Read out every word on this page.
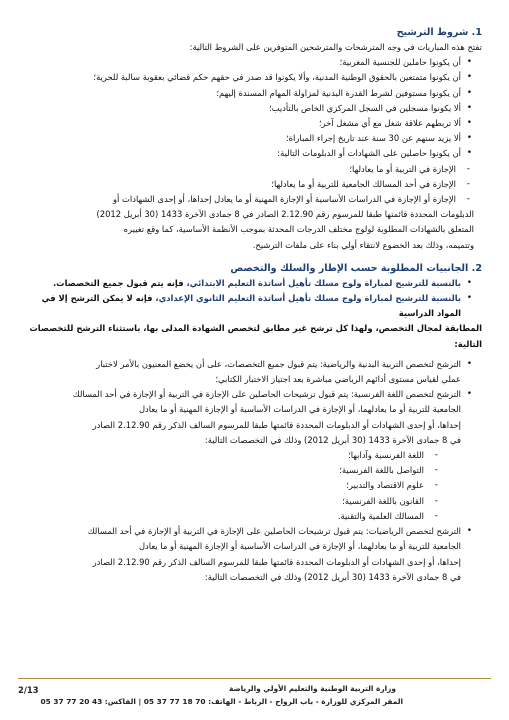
1. شروط الترشيح

تفتح هذه المباريات في وجه المترشحات والمترشحين المتوفرين على الشروط التالية:

•
أن يكونوا حاملين للجنسية المغربية؛
•
أن يكونوا متمتعين بالحقوق الوطنية المدنية، وألا يكونوا قد صدر في حقهم حكم قضائي بعقوبة سالبة للحرية؛
•
أن يكونوا مستوفين لشرط القدرة البدنية لمزاولة المهام المسندة إليهم؛
•
ألا يكونوا مسجلين في السجل المركزي الخاص بالتأديب؛
•
ألا تربطهم علاقة شغل مع أي مشغل آخر؛
•
ألا يزيد سنهم عن 30 سنة عند تاريخ إجراء المباراة؛
•
أن يكونوا حاصلين على الشهادات أو الدبلومات التالية:
-
الإجازة في التربية أو ما يعادلها؛
-
الإجازة في أحد المسالك الجامعية للتربية أو ما يعادلها؛
-
الإجازة أو الإجازة في الدراسات الأساسية أو الإجازة المهنية أو ما يعادل إحداها، أو إحدى الشهادات أو

الدبلومات المحددة قائمتها طبقا للمرسوم رقم 2.12.90 الصادر في 8 جمادى الآخرة 1433 (30 أبريل 2012)
المتعلق بالشهادات المطلوبة لولوج مختلف الدرجات المحدثة بموجب الأنظمة الأساسية، كما وقع تغييره
وتتميمه، وذلك بعد الخضوع لانتقاء أولي بناء على ملفات الترشيح.

2. الجانبيات المطلوبة حسب الإطار والسلك والتخصص

•
بالنسبة للترشيح لمباراة ولوج مسلك تأهيل أساتذة التعليم الابتدائي، فإنه يتم قبول جميع التخصصات.
•
بالنسبة للترشيح لمباراة ولوج مسلك تأهيل أساتذة التعليم الثانوي الإعدادي، فإنه لا يمكن الترشح إلا في المواد الدراسية

المطابقة لمجال التخصص، ولهذا كل ترشح غير مطابق لتخصص الشهادة المدلى بها، باستثناء الترشح للتخصصات
التالية:

•
الترشح لتخصص التربية البدنية والرياضية: يتم قبول جميع التخصصات، على أن يخضع المعنيون بالأمر لاختبار
عملي لقياس مستوى أدائهم الرياضي مباشرة بعد اجتياز الاختبار الكتابي؛
•
الترشح لتخصص اللغة الفرنسية: يتم قبول ترشيحات الحاصلين على الإجازة في التربية أو الإجازة في أحد المسالك
الجامعية للتربية أو ما يعادلهما، أو الإجازة في الدراسات الأساسية أو الإجازة المهنية أو ما يعادل
إحداها، أو إحدى الشهادات أو الدبلومات المحددة قائمتها طبقا للمرسوم السالف الذكر رقم 2.12.90 الصادر
في 8 جمادى الآخرة 1433 (30 أبريل 2012) وذلك في التخصصات التالية:
-
اللغة الفرنسية وآدابها؛
-
التواصل باللغة الفرنسية؛
-
علوم الاقتصاد والتدبير؛
-
القانون باللغة الفرنسية؛
-
المسالك العلمية والتقنية.
•
الترشح لتخصص الرياضيات: يتم قبول ترشيحات الحاصلين على الإجازة في التربية أو الإجازة في أحد المسالك
الجامعية للتربية أو ما يعادلهما، أو الإجازة في الدراسات الأساسية أو الإجازة المهنية أو ما يعادل
إحداها، أو إحدى الشهادات أو الدبلومات المحددة قائمتها طبقا للمرسوم السالف الذكر رقم 2.12.90 الصادر
في 8 جمادى الآخرة 1433 (30 أبريل 2012) وذلك في التخصصات التالية:
وزارة التربية الوطنية والتعليم الأولي والرياضة
المقر المركزي للوزارة - باب الرواح - الرباط - الهاتف: 70 18 77 37 05 | الفاكس: 43 20 77 37 05
2/13
